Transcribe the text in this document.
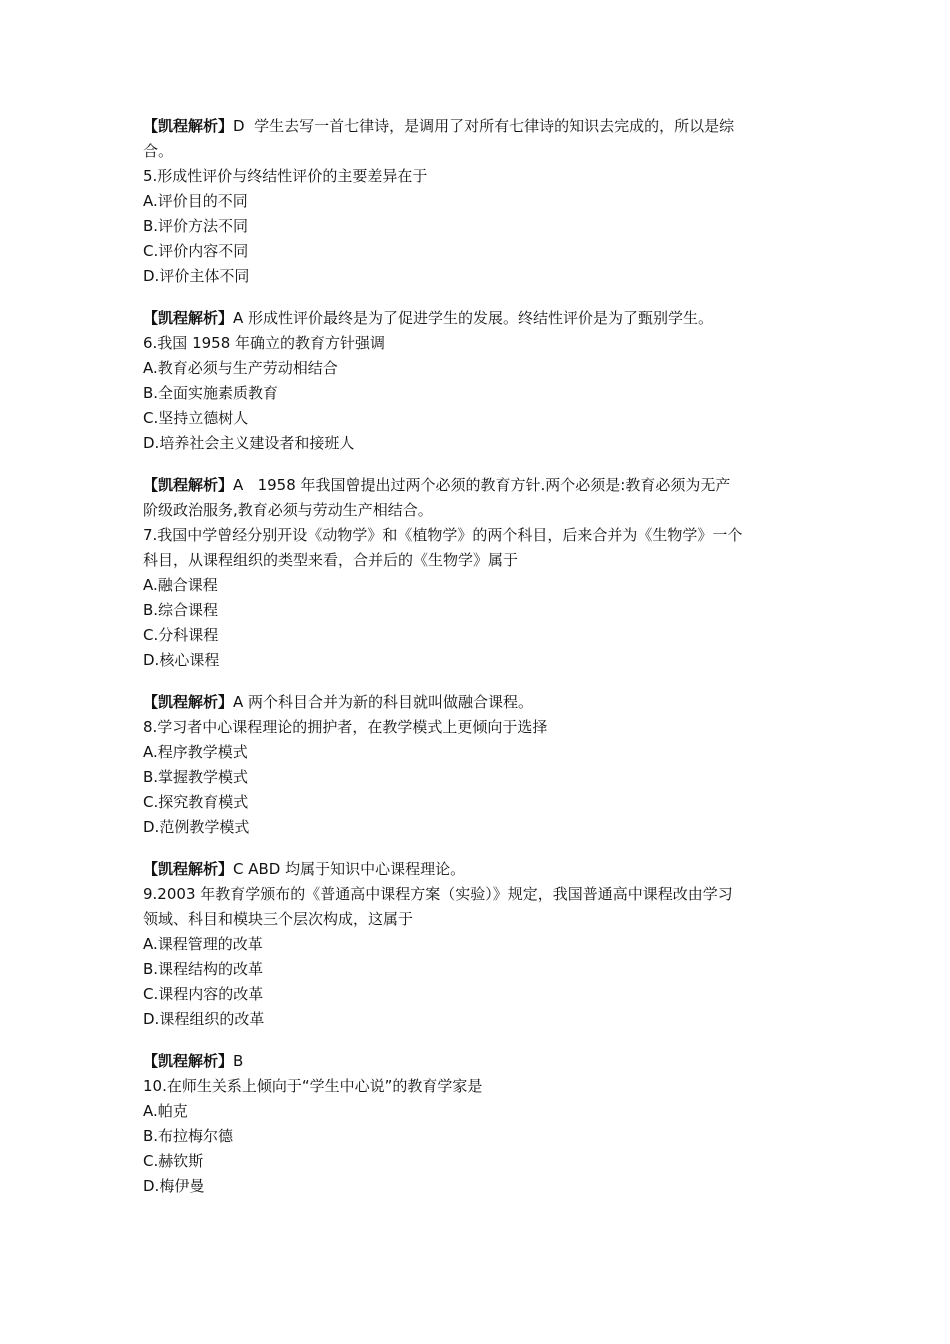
【凯程解析】D  学生去写一首七律诗，是调用了对所有七律诗的知识去完成的，所以是综

合。

5.形成性评价与终结性评价的主要差异在于

A.评价目的不同

B.评价方法不同

C.评价内容不同

D.评价主体不同

【凯程解析】A 形成性评价最终是为了促进学生的发展。终结性评价是为了甄别学生。

6.我国 1958 年确立的教育方针强调

A.教育必须与生产劳动相结合

B.全面实施素质教育

C.坚持立德树人

D.培养社会主义建设者和接班人

【凯程解析】A   1958 年我国曾提出过两个必须的教育方针.两个必须是:教育必须为无产

阶级政治服务,教育必须与劳动生产相结合。

7.我国中学曾经分别开设《动物学》和《植物学》的两个科目，后来合并为《生物学》一个

科目，从课程组织的类型来看，合并后的《生物学》属于

A.融合课程

B.综合课程

C.分科课程

D.核心课程

【凯程解析】A 两个科目合并为新的科目就叫做融合课程。

8.学习者中心课程理论的拥护者，在教学模式上更倾向于选择

A.程序教学模式

B.掌握教学模式

C.探究教育模式

D.范例教学模式

【凯程解析】C ABD 均属于知识中心课程理论。

9.2003 年教育学颁布的《普通高中课程方案（实验）》规定，我国普通高中课程改由学习

领域、科目和模块三个层次构成，这属于

A.课程管理的改革

B.课程结构的改革

C.课程内容的改革

D.课程组织的改革

【凯程解析】B

10.在师生关系上倾向于“学生中心说”的教育学家是

A.帕克

B.布拉梅尔德

C.赫钦斯

D.梅伊曼
